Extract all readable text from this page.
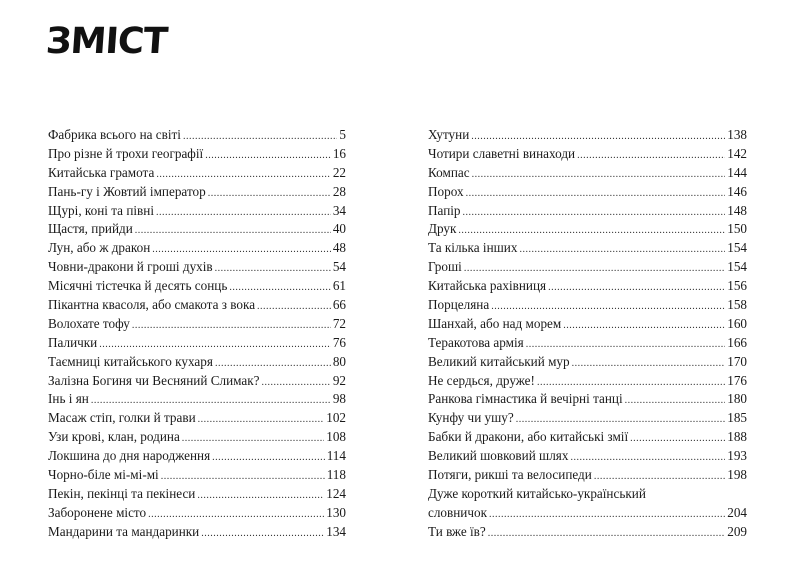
ЗМІСТ
Фабрика всього на світі .....	5
Про різне й трохи географії .....	16
Китайська грамота .....	22
Пань-гу і Жовтий імператор .....	28
Щурі, коні та півні .....	34
Щастя, прийди .....	40
Лун, або ж дракон .....	48
Човни-дракони й гроші духів .....	54
Місячні тістечка й десять сонць .....	61
Пікантна квасоля, або смакота з вока .....	66
Волохате тофу .....	72
Палички .....	76
Таємниці китайського кухаря .....	80
Залізна Богиня чи Весняний Слимак? .....	92
Інь і ян .....	98
Масаж стіп, голки й трави .....	102
Узи крові, клан, родина .....	108
Локшина до дня народження .....	114
Чорно-біле мі-мі-мі .....	118
Пекін, пекінці та пекінеси .....	124
Заборонене місто .....	130
Мандарини та мандаринки .....	134
Хутуни .....	138
Чотири славетні винаходи .....	142
Компас .....	144
Порох .....	146
Папір .....	148
Друк .....	150
Та кілька інших .....	154
Гроші .....	154
Китайська рахівниця .....	156
Порцеляна .....	158
Шанхай, або над морем .....	160
Теракотова армія .....	166
Великий китайський мур .....	170
Не сердься, друже! .....	176
Ранкова гімнастика й вечірні танці .....	180
Кунфу чи ушу? .....	185
Бабки й дракони, або китайські змії .....	188
Великий шовковий шлях .....	193
Потяги, рикші та велосипеди .....	198
Дуже короткий китайсько-український
словничок .....	204
Ти вже їв? .....	209
